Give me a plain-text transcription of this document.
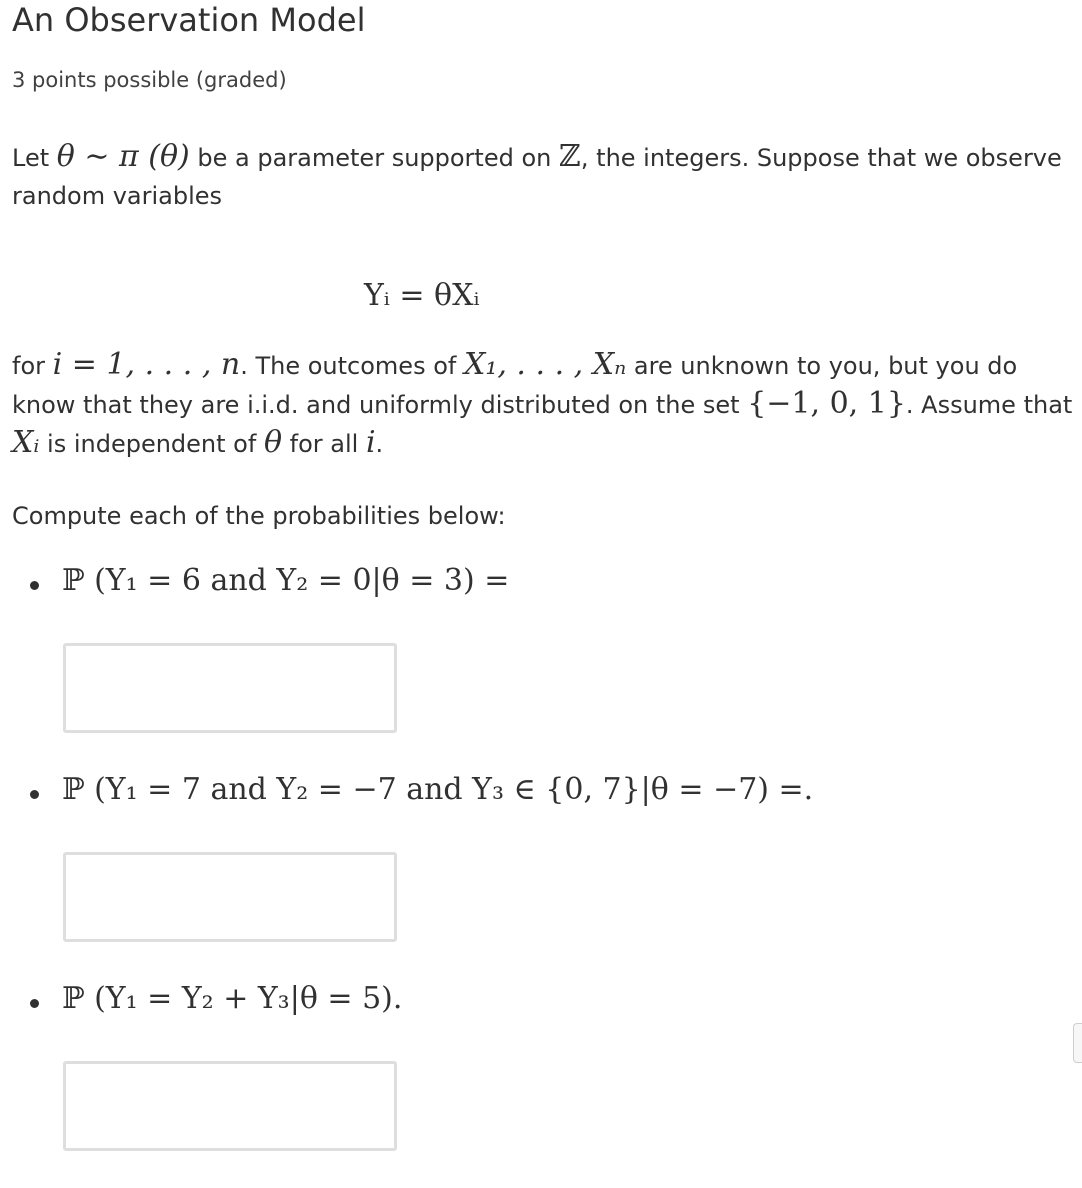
An Observation Model
3 points possible (graded)
Let θ ∼ π (θ) be a parameter supported on ℤ, the integers. Suppose that we observe random variables
Yᵢ = θXᵢ
for i = 1, . . . , n. The outcomes of X₁, . . . , Xₙ are unknown to you, but you do know that they are i.i.d. and uniformly distributed on the set {−1, 0, 1}. Assume that Xᵢ is independent of θ for all i.
Compute each of the probabilities below:
ℙ (Y₁ = 6 and Y₂ = 0|θ = 3) =
ℙ (Y₁ = 7 and Y₂ = −7 and Y₃ ∈ {0, 7}|θ = −7) =.
ℙ (Y₁ = Y₂ + Y₃|θ = 5).
